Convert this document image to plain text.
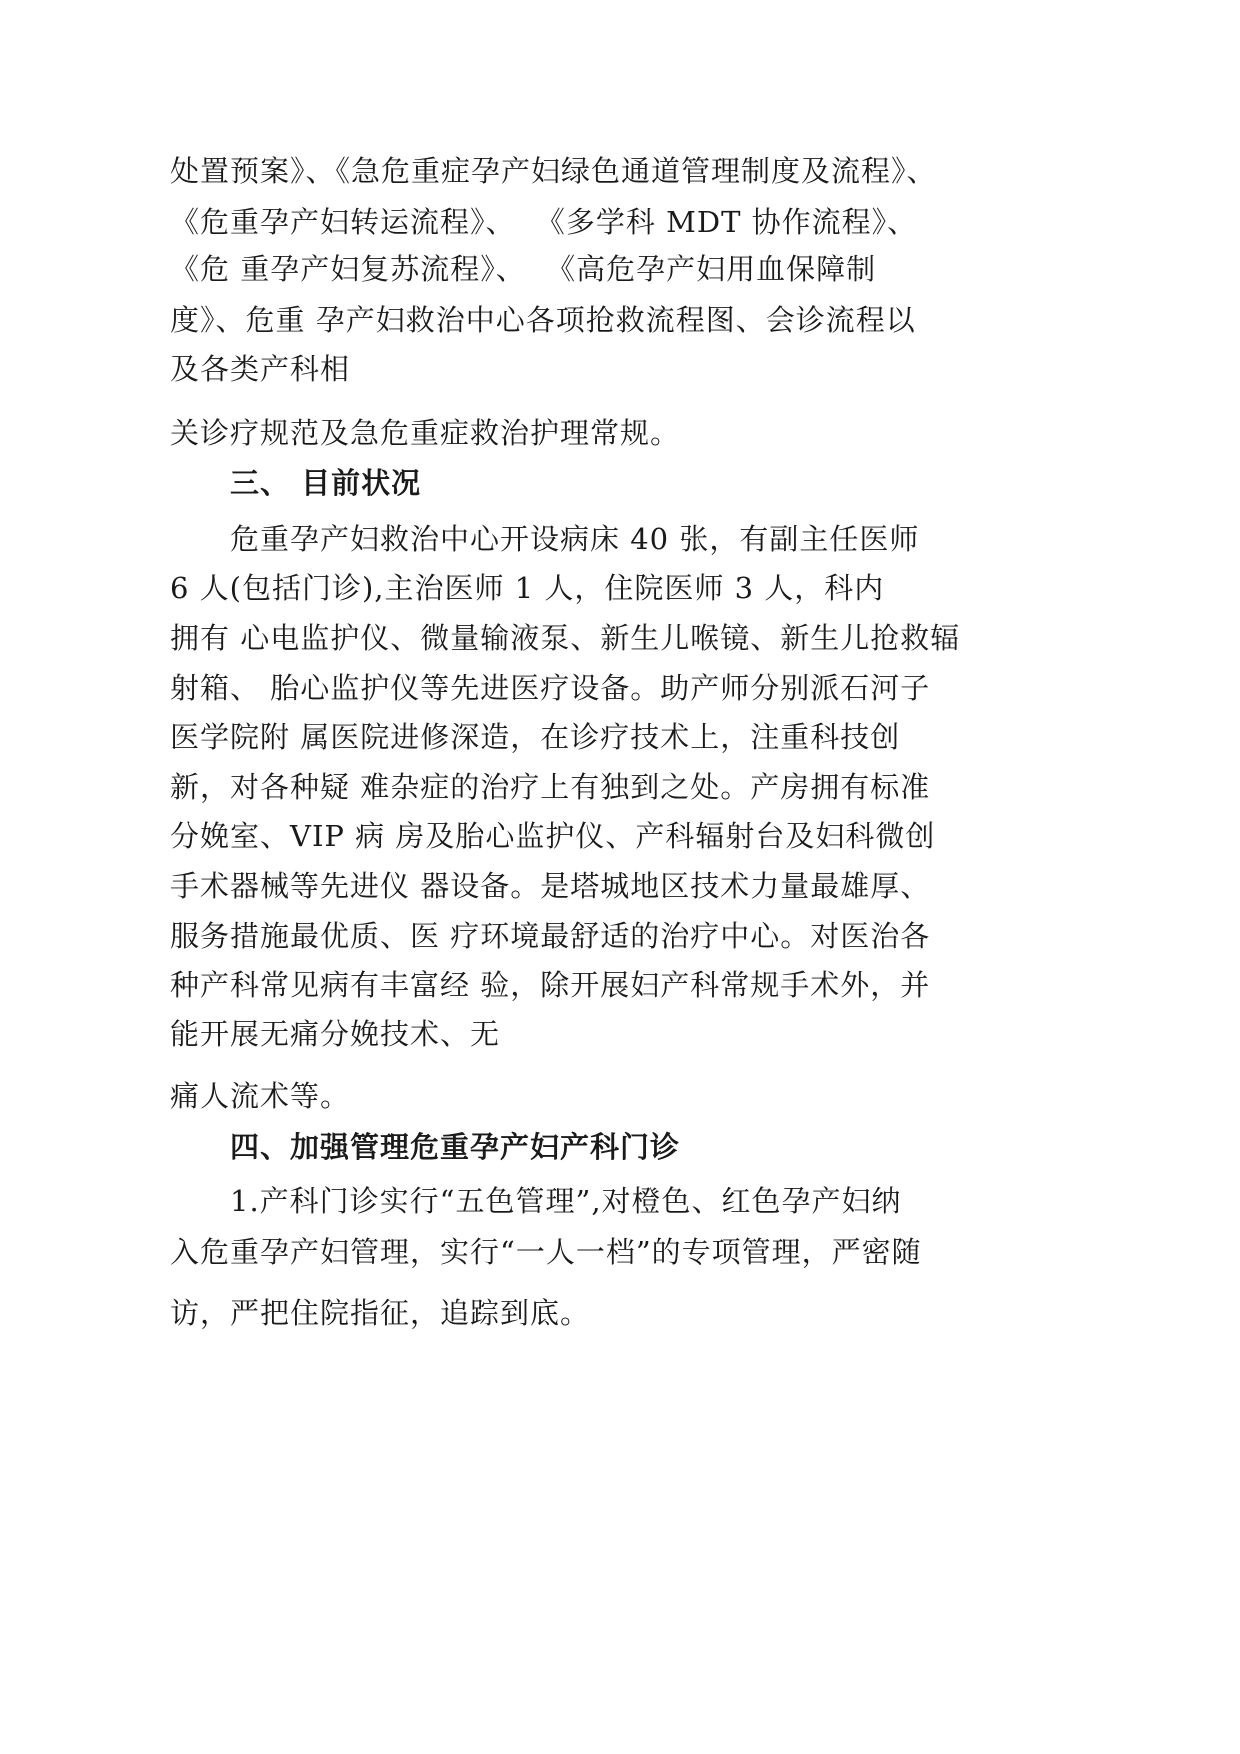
处置预案》、《急危重症孕产妇绿色通道管理制度及流程》、
《危重孕产妇转运流程》、  《多学科 MDT 协作流程》、
《危 重孕产妇复苏流程》、  《高危孕产妇用血保障制
度》、危重 孕产妇救治中心各项抢救流程图、会诊流程以
及各类产科相
关诊疗规范及急危重症救治护理常规。
三、 目前状况
危重孕产妇救治中心开设病床 40 张，有副主任医师
6 人(包括门诊),主治医师 1 人，住院医师 3 人，科内
拥有 心电监护仪、微量输液泵、新生儿喉镜、新生儿抢救辐
射箱、 胎心监护仪等先进医疗设备。助产师分别派石河子
医学院附 属医院进修深造，在诊疗技术上，注重科技创
新，对各种疑 难杂症的治疗上有独到之处。产房拥有标准
分娩室、VIP 病 房及胎心监护仪、产科辐射台及妇科微创
手术器械等先进仪 器设备。是塔城地区技术力量最雄厚、
服务措施最优质、医 疗环境最舒适的治疗中心。对医治各
种产科常见病有丰富经 验，除开展妇产科常规手术外，并
能开展无痛分娩技术、无
痛人流术等。
四、加强管理危重孕产妇产科门诊
1.产科门诊实行“五色管理”,对橙色、红色孕产妇纳
入危重孕产妇管理，实行“一人一档”的专项管理，严密随
访，严把住院指征，追踪到底。
